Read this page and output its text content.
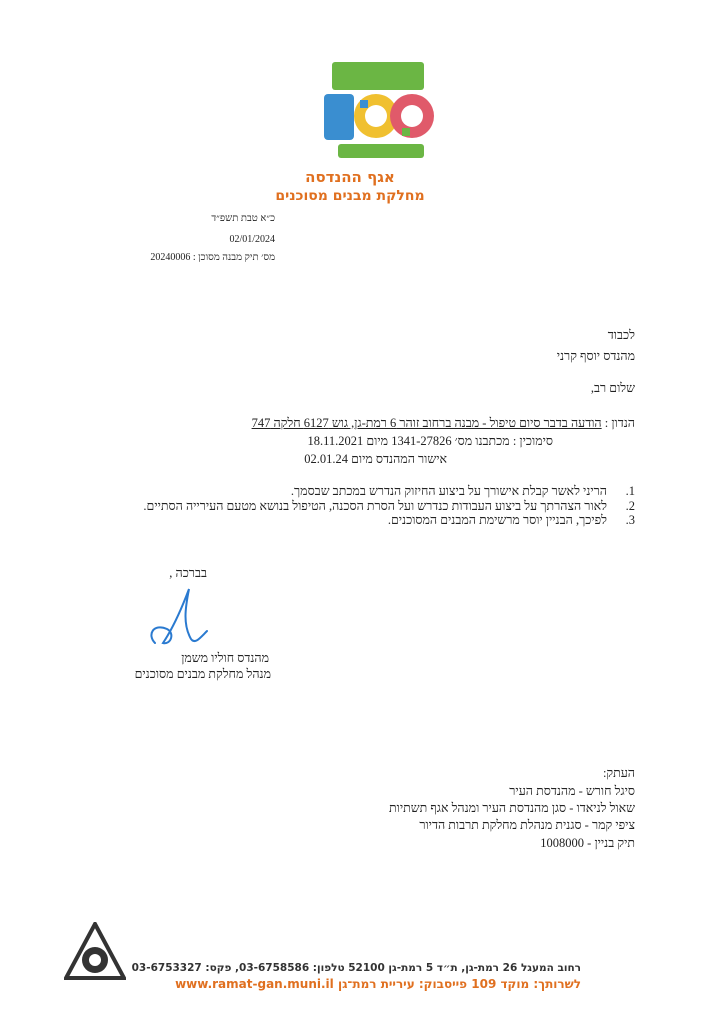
אגף ההנדסה
מחלקת מבנים מסוכנים
כ״א טבת תשפ״ד
02/01/2024
מס׳ תיק מבנה מסוכן : 20240006
לכבוד
מהנדס יוסף קרני
שלום רב,
הנדון : הודעה בדבר סיום טיפול - מבנה ברחוב זוהר 6 רמת-גן, גוש 6127 חלקה 747
סימוכין : מכתבנו מס׳ 1341-27826 מיום 18.11.2021
אישור המהנדס מיום 02.01.24
1.
הריני לאשר קבלת אישורך על ביצוע החיזוק הנדרש במכתב שבסמך.
2.
לאור הצהרתך על ביצוע העבודות כנדרש ועל הסרת הסכנה, הטיפול בנושא מטעם העירייה הסתיים.
3.
לפיכך, הבניין יוסר מרשימת המבנים המסוכנים.
בברכה ,
מהנדס חוליו משמן
מנהל מחלקת מבנים מסוכנים
העתק:
סיגל חורש - מהנדסת העיר
שאול לניאדו - סגן מהנדסת העיר ומנהל אגף תשתיות
ציפי קמר - סגנית מנהלת מחלקת תרבות הדיור
תיק בניין - 1008000
רחוב המעגל 26 רמת-גן, ת״ד 5 רמת-גן 52100 טלפון: 03-6758586, פקס: 03-6753327
לשרותך: מוקד 109 פייסבוק: עיריית רמת־גן www.ramat-gan.muni.il
